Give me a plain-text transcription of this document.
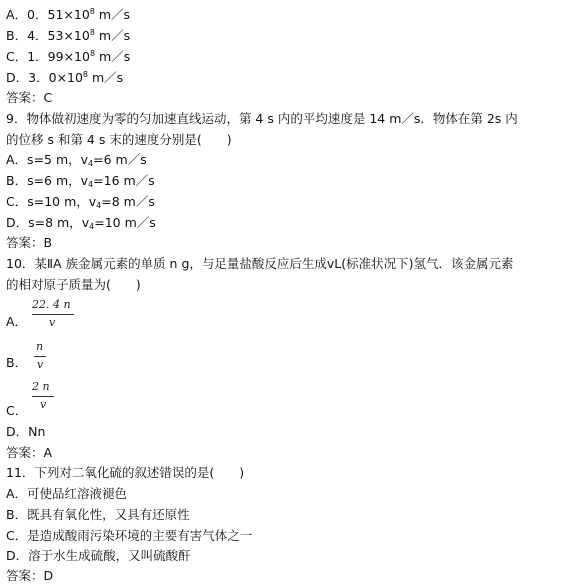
A．0．$51\times 10^8$ m／s
B．4．$53\times 10^8$ m／s
C．1．$99\times 10^8$ m／s
D．3．$0\times 10^8$ m／s
答案：C
9．物体做初速度为零的匀加速直线运动，第 4 s 内的平均速度是 14 m／s．物体在第 2s 内
的位移 s 和第 4 s 末的速度分别是(　　)
A．s=5 m，v4=6 m／s
B．s=6 m，v4=16 m／s
C．s=10 m，v4=8 m／s
D．s=8 m，v4=10 m／s
答案：B
10．某ⅡA 族金属元素的单质 n g，与足量盐酸反应后生成vL(标准状况下)氢气．该金属元素
的相对原子质量为(　　)
A．
22. 4 n
v
B．
n
v
2 n
v
C．
D．Nn
答案：A
11．下列对二氧化硫的叙述错误的是(　　)
A．可使品红溶液褪色
B．既具有氧化性，又具有还原性
C．是造成酸雨污染环境的主要有害气体之一
D．溶于水生成硫酸，又叫硫酸酐
答案：D
